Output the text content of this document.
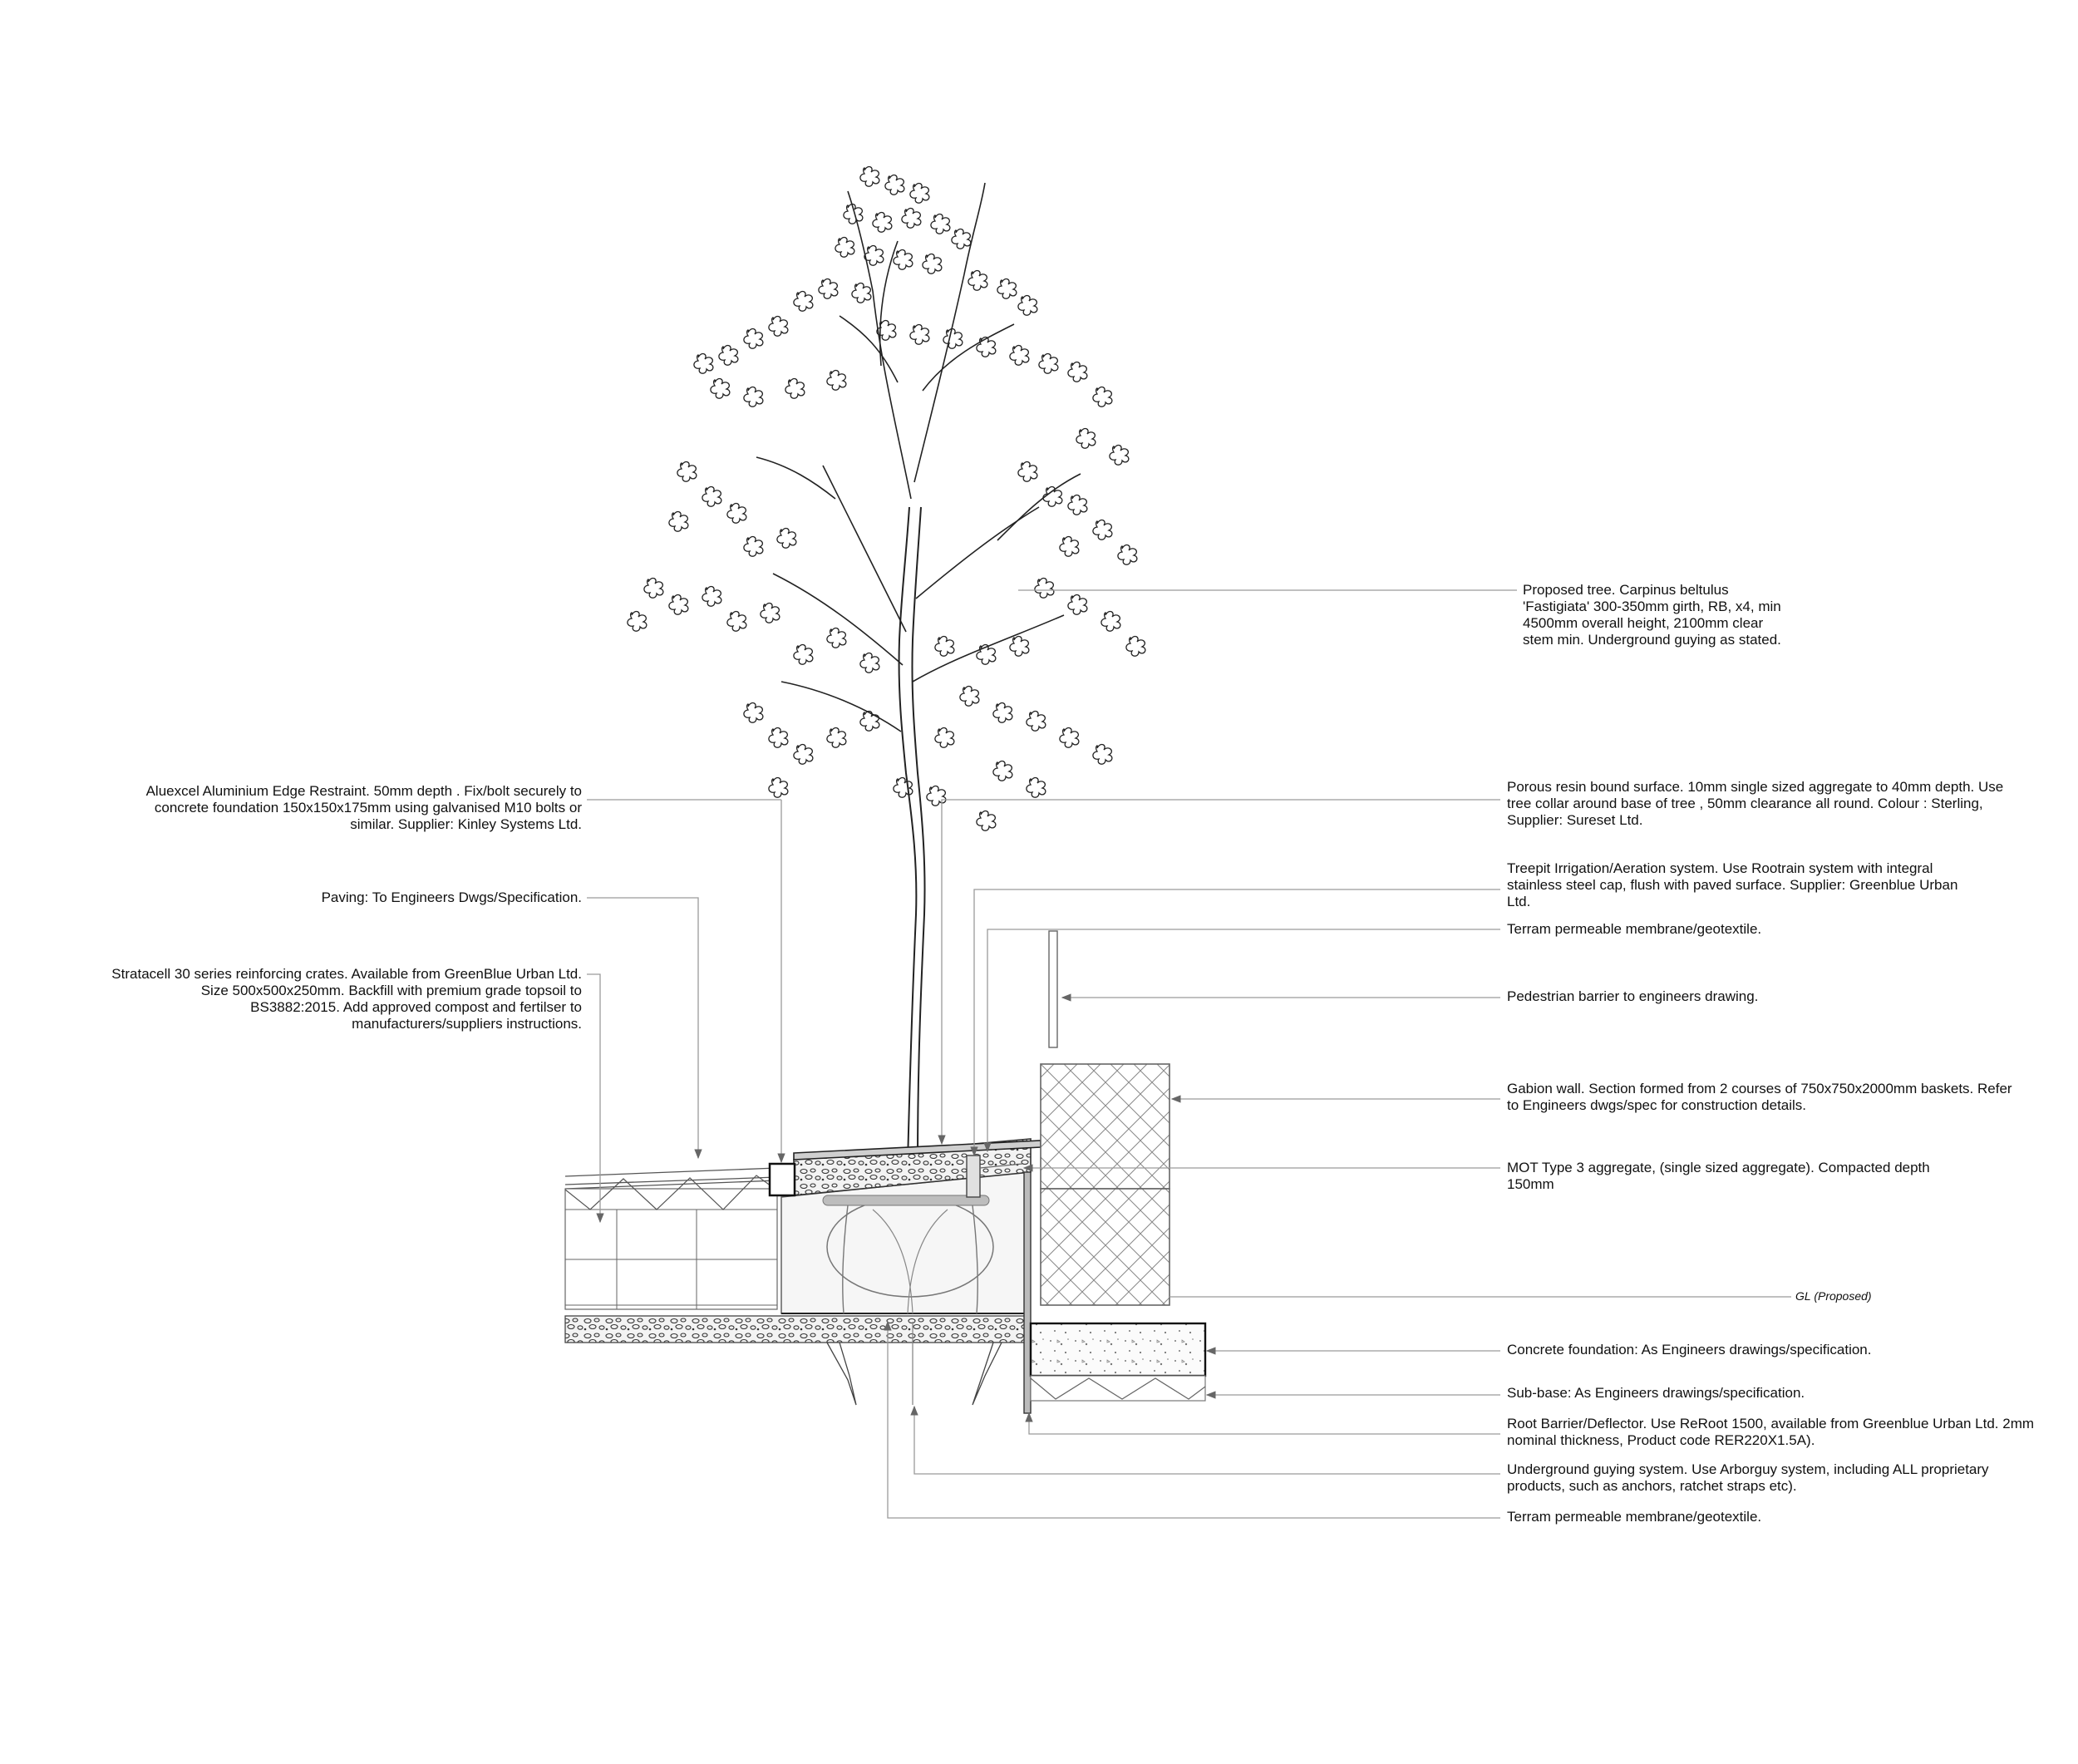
Aluexcel Aluminium Edge Restraint. 50mm depth . Fix/bolt securely to
concrete foundation 150x150x175mm using galvanised M10 bolts or
similar. Supplier: Kinley Systems Ltd.
Paving: To Engineers Dwgs/Specification.
Stratacell 30 series reinforcing crates. Available from GreenBlue Urban Ltd.
Size 500x500x250mm. Backfill with premium grade topsoil to
BS3882:2015. Add approved compost and fertilser to
manufacturers/suppliers instructions.
Proposed tree. Carpinus beltulus
'Fastigiata' 300-350mm girth, RB, x4, min
4500mm overall height, 2100mm clear
stem min. Underground guying as stated.
Porous resin bound surface. 10mm single sized aggregate to 40mm depth. Use
tree collar around base of tree , 50mm clearance all round. Colour : Sterling,
Supplier: Sureset Ltd.
Treepit Irrigation/Aeration system. Use Rootrain system with integral
stainless steel cap, flush with paved surface. Supplier: Greenblue Urban
Ltd.
Terram permeable membrane/geotextile.
Pedestrian barrier to engineers drawing.
Gabion wall. Section formed from 2 courses of 750x750x2000mm baskets. Refer
to Engineers dwgs/spec for construction details.
MOT Type 3 aggregate, (single sized aggregate). Compacted depth
150mm
GL (Proposed)
Concrete foundation: As Engineers drawings/specification.
Sub-base: As Engineers drawings/specification.
Root Barrier/Deflector. Use ReRoot 1500, available from Greenblue Urban Ltd. 2mm
nominal thickness, Product code RER220X1.5A).
Underground guying system. Use Arborguy system, including ALL proprietary
products, such as anchors, ratchet straps etc).
Terram permeable membrane/geotextile.
